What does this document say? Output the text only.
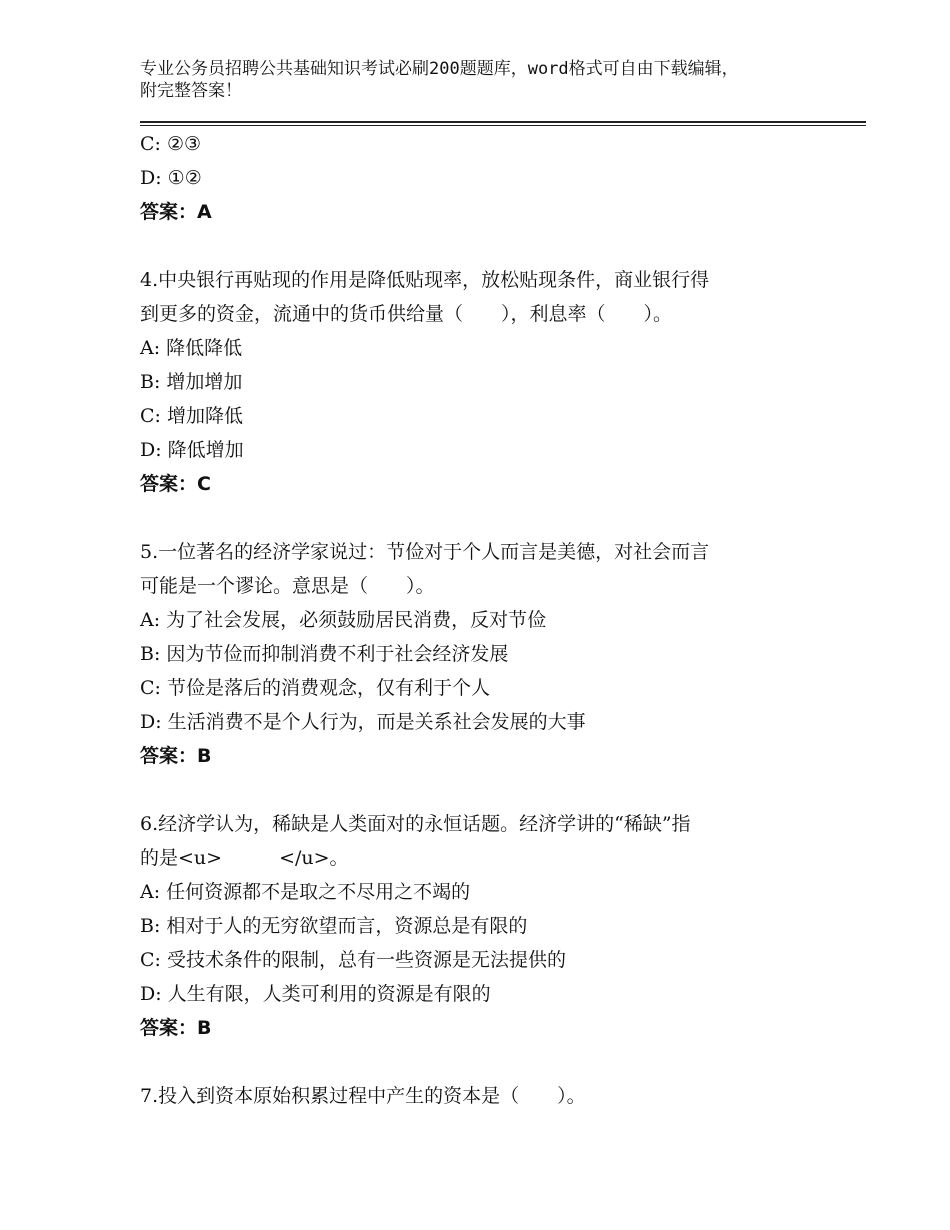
专业公务员招聘公共基础知识考试必刷200题题库，word格式可自由下载编辑，
附完整答案！
C: ②③
D: ①②
答案：A
4.中央银行再贴现的作用是降低贴现率，放松贴现条件，商业银行得
到更多的资金，流通中的货币供给量（　　），利息率（　　）。
A: 降低降低
B: 增加增加
C: 增加降低
D: 降低增加
答案：C
5.一位著名的经济学家说过：节俭对于个人而言是美德，对社会而言
可能是一个谬论。意思是（　　）。
A: 为了社会发展，必须鼓励居民消费，反对节俭
B: 因为节俭而抑制消费不利于社会经济发展
C: 节俭是落后的消费观念，仅有利于个人
D: 生活消费不是个人行为，而是关系社会发展的大事
答案：B
6.经济学认为，稀缺是人类面对的永恒话题。经济学讲的“稀缺”指
的是<u>　　　</u>。
A: 任何资源都不是取之不尽用之不竭的
B: 相对于人的无穷欲望而言，资源总是有限的
C: 受技术条件的限制，总有一些资源是无法提供的
D: 人生有限，人类可利用的资源是有限的
答案：B
7.投入到资本原始积累过程中产生的资本是（　　）。
